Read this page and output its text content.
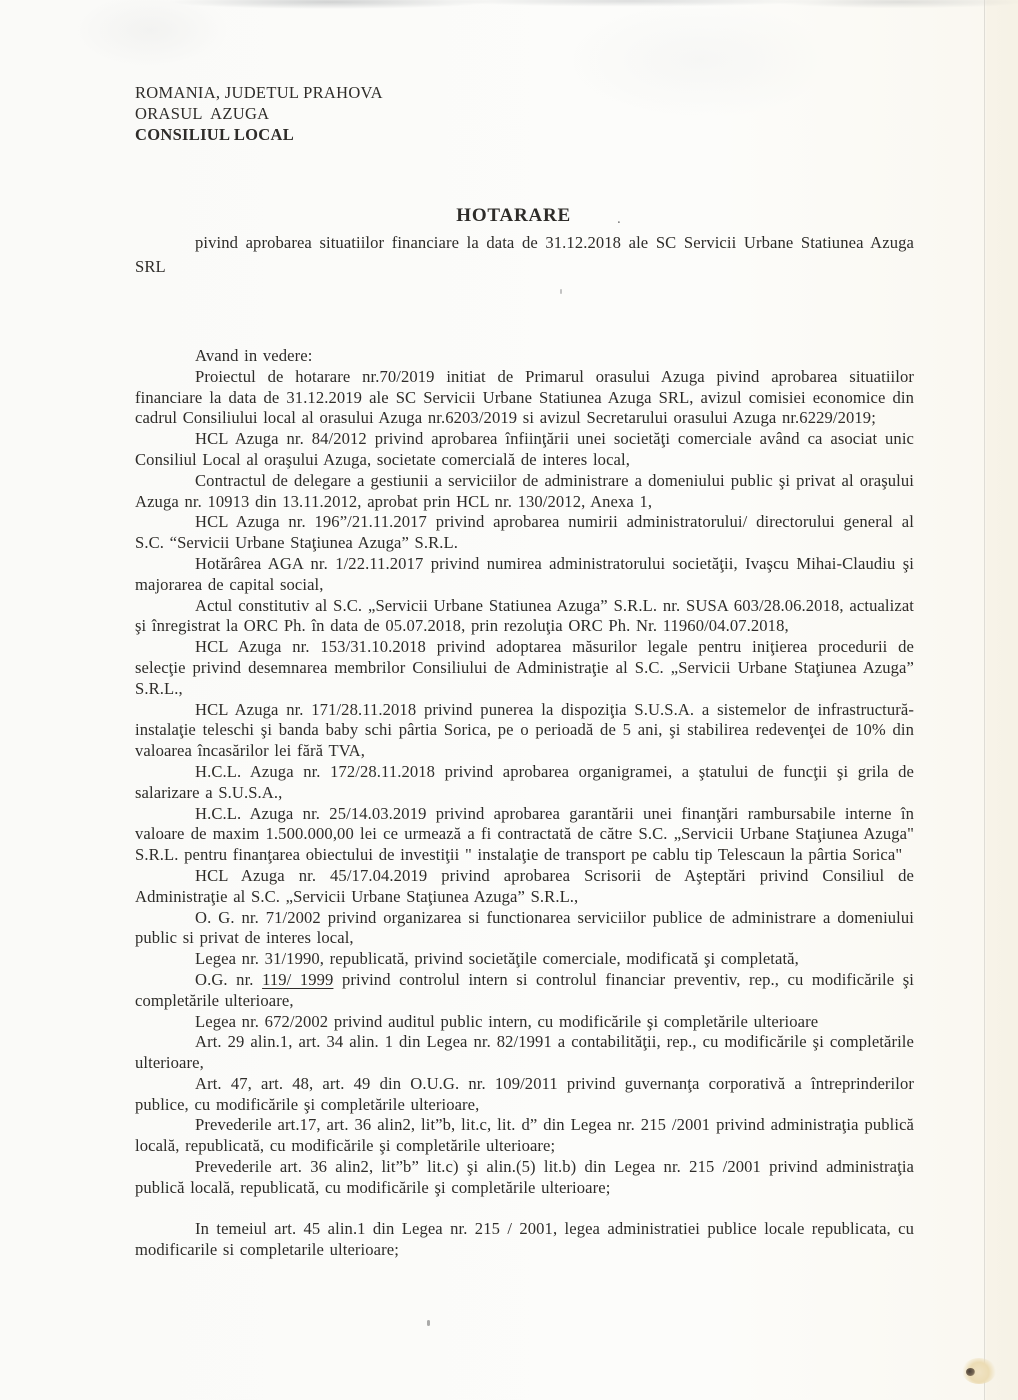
ROMANIA, JUDETUL PRAHOVA
ORASUL  AZUGA
CONSILIUL LOCAL
HOTARARE	.

pivind aprobarea situatiilor financiare la data de 31.12.2018 ale SC Servicii Urbane Statiunea Azuga SRL

Avand in vedere:

Proiectul de hotarare nr.70/2019 initiat de Primarul orasului Azuga pivind aprobarea situatiilor financiare la data de 31.12.2019 ale SC Servicii Urbane Statiunea Azuga SRL, avizul comisiei economice din cadrul Consiliului local al orasului Azuga nr.6203/2019 si avizul Secretarului orasului Azuga nr.6229/2019;

HCL Azuga nr. 84/2012 privind aprobarea înfiinţării unei societăţi comerciale având ca asociat unic Consiliul Local al oraşului Azuga, societate comercială de interes local,

Contractul de delegare a gestiunii a serviciilor de administrare a domeniului public şi privat al oraşului Azuga nr. 10913 din 13.11.2012, aprobat prin HCL nr. 130/2012, Anexa 1,

HCL Azuga nr. 196”/21.11.2017 privind aprobarea numirii administratorului/ directorului general al S.C. “Servicii Urbane Staţiunea Azuga” S.R.L.

Hotărârea AGA nr. 1/22.11.2017 privind numirea administratorului societăţii, Ivaşcu Mihai-Claudiu şi majorarea de capital social,

Actul constitutiv al S.C. „Servicii Urbane Statiunea Azuga” S.R.L. nr. SUSA 603/28.06.2018, actualizat şi înregistrat la ORC Ph. în data de 05.07.2018, prin rezoluţia ORC Ph. Nr. 11960/04.07.2018,

HCL Azuga nr. 153/31.10.2018 privind adoptarea măsurilor legale pentru iniţierea procedurii de selecţie privind desemnarea membrilor Consiliului de Administraţie al S.C. „Servicii Urbane Staţiunea Azuga” S.R.L.,

HCL Azuga nr. 171/28.11.2018 privind punerea la dispoziţia S.U.S.A. a sistemelor de infrastructură-instalaţie teleschi şi banda baby schi pârtia Sorica, pe o perioadă de 5 ani, şi stabilirea redevenţei de 10% din valoarea încasărilor lei fără TVA,

H.C.L. Azuga nr. 172/28.11.2018 privind aprobarea organigramei, a ştatului de funcţii şi grila de salarizare a S.U.S.A.,

H.C.L. Azuga nr. 25/14.03.2019 privind aprobarea garantării unei finanţări rambursabile interne în valoare de maxim 1.500.000,00 lei ce urmează a fi contractată de către S.C. „Servicii Urbane Staţiunea Azuga" S.R.L. pentru finanţarea obiectului de investiţii " instalaţie de transport pe cablu tip Telescaun la pârtia Sorica"

HCL Azuga nr. 45/17.04.2019 privind aprobarea Scrisorii de Aşteptări privind Consiliul de Administraţie al S.C. „Servicii Urbane Staţiunea Azuga” S.R.L.,

O. G. nr. 71/2002 privind organizarea si functionarea serviciilor publice de administrare a domeniului public si privat de interes local,

Legea nr. 31/1990, republicată, privind societăţile comerciale, modificată şi completată,

O.G. nr. 119/ 1999 privind controlul intern si controlul financiar preventiv, rep., cu modificările şi completările ulterioare,

Legea nr. 672/2002 privind auditul public intern, cu modificările şi completările ulterioare

Art. 29 alin.1, art. 34 alin. 1 din Legea nr. 82/1991 a contabilităţii, rep., cu modificările şi completările ulterioare,

Art. 47, art. 48, art. 49 din O.U.G. nr. 109/2011 privind guvernanţa corporativă a întreprinderilor publice, cu modificările şi completările ulterioare,

Prevederile art.17, art. 36 alin2, lit”b, lit.c, lit. d” din Legea nr. 215 /2001 privind administraţia publică locală, republicată, cu modificările şi completările ulterioare;

Prevederile art. 36 alin2, lit”b” lit.c) şi alin.(5) lit.b) din Legea nr. 215 /2001 privind administraţia publică locală, republicată, cu modificările şi completările ulterioare;

In temeiul art. 45 alin.1 din Legea nr. 215 / 2001, legea administratiei publice locale republicata, cu modificarile si completarile ulterioare;
